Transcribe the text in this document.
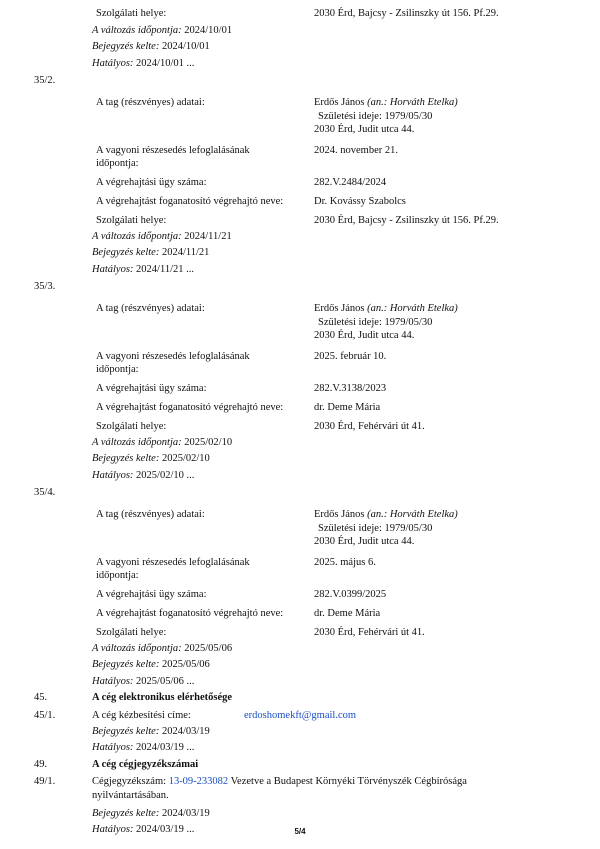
Szolgálati helye:	2030 Érd, Bajcsy - Zsilinszky út 156. Pf.29.
A változás időpontja: 2024/10/01
Bejegyzés kelte: 2024/10/01
Hatályos: 2024/10/01 ...
35/2.
A tag (részvényes) adatai:	Erdős János (an.: Horváth Etelka)
Születési ideje: 1979/05/30
2030 Érd, Judit utca 44.
A vagyoni részesedés lefoglalásának
időpontja:
2024. november 21.
A végrehajtási ügy száma:	282.V.2484/2024
A végrehajtást foganatosító végrehajtó neve:	Dr. Kovássy Szabolcs
Szolgálati helye:	2030 Érd, Bajcsy - Zsilinszky út 156. Pf.29.
A változás időpontja: 2024/11/21
Bejegyzés kelte: 2024/11/21
Hatályos: 2024/11/21 ...
35/3.
A tag (részvényes) adatai:	Erdős János (an.: Horváth Etelka)
Születési ideje: 1979/05/30
2030 Érd, Judit utca 44.
A vagyoni részesedés lefoglalásának
időpontja:
2025. február 10.
A végrehajtási ügy száma:	282.V.3138/2023
A végrehajtást foganatosító végrehajtó neve:	dr. Deme Mária
Szolgálati helye:	2030 Érd, Fehérvári út 41.
A változás időpontja: 2025/02/10
Bejegyzés kelte: 2025/02/10
Hatályos: 2025/02/10 ...
35/4.
A tag (részvényes) adatai:	Erdős János (an.: Horváth Etelka)
Születési ideje: 1979/05/30
2030 Érd, Judit utca 44.
A vagyoni részesedés lefoglalásának
időpontja:
2025. május 6.
A végrehajtási ügy száma:	282.V.0399/2025
A végrehajtást foganatosító végrehajtó neve:	dr. Deme Mária
Szolgálati helye:	2030 Érd, Fehérvári út 41.
A változás időpontja: 2025/05/06
Bejegyzés kelte: 2025/05/06
Hatályos: 2025/05/06 ...
45.	A cég elektronikus elérhetősége
45/1.	A cég kézbesítési címe:	erdoshomekft@gmail.com
Bejegyzés kelte: 2024/03/19
Hatályos: 2024/03/19 ...
49.	A cég cégjegyzékszámai
49/1.	Cégjegyzékszám: 13-09-233082 Vezetve a Budapest Környéki Törvényszék Cégbírósága
nyilvántartásában.
Bejegyzés kelte: 2024/03/19
Hatályos: 2024/03/19 ...	5/4
